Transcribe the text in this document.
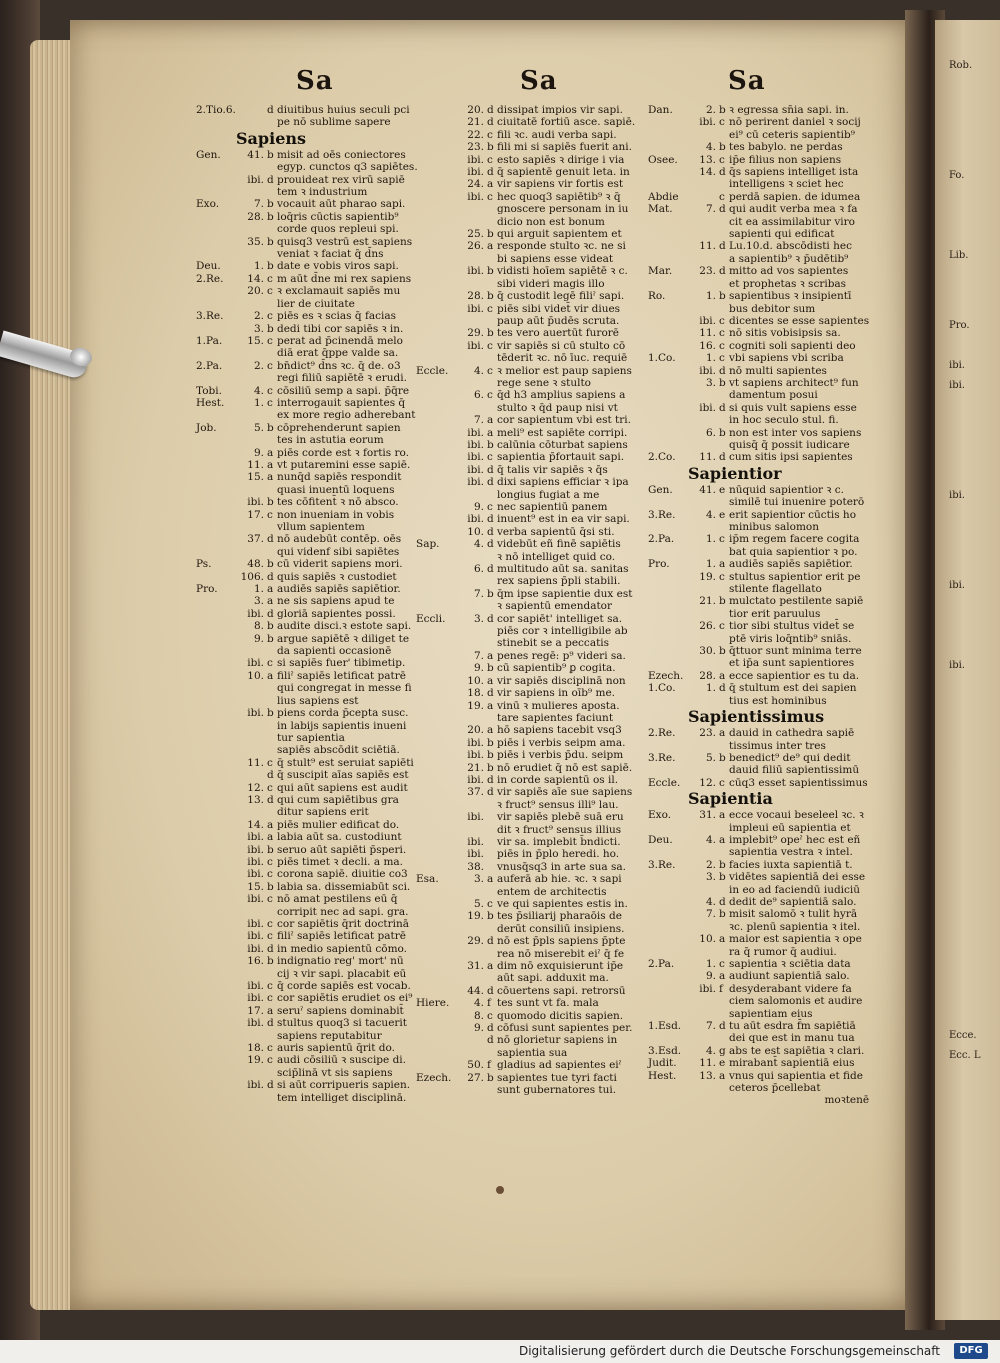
Rob.
Fo.
Lib.
Pro.
ibi.
ibi.
Ecce.
ibi.
ibi.
ibi.
Ecc. L
Sa	Sa	Sa
2.Tio.6.	d diuitibus huius seculi pci
pe nō sublime sapere
Sapiens
Gen.	41. b misit ad oēs coniectores
egyp. cunctos q3 sapiētes.
ibi. d prouideat rex virū sapiē
tem ꝛ industrium
Exo.	7. b vocauit aūt pharao sapi.
28. b loq̄ris cūctis sapientib⁹
corde quos repleui spi.
35. b quisq3 vestrū est sapiens
veniat ꝛ faciat q̄ d̄ns
Deu.	1. b date e vobis viros sapi.
2.Re.	14. c m aūt d̄ne mi rex sapiens
20. c ꝛ exclamauit sapiēs mu
lier de ciuitate
3.Re.	2. c piēs es ꝛ scias q̄ facias
3. b dedi tibi cor sapiēs ꝛ in.
1.Pa.	15. c perat ad p̄cinendā melo
diā erat q̄ppe valde sa.
2.Pa.	2. c bn̄dict⁹ d̄ns ꝛc. q̄ de. o3
regi filiū sapiētē ꝛ erudi.
Tobi.	4. c cōsiliū semp a sapi. p̄q̄re
Hest.	1. c interrogauit sapientes q̄
ex more regio adherebant
Job.	5. b cōprehenderunt sapien
tes in astutia eorum
9. a piēs corde est ꝛ fortis ro.
11. a vt putaremini esse sapiē.
15. a nunq̄d sapiēs respondit
quasi inuentū loquens
ibi. b tes cōfitent̄ ꝛ nō absco.
17. c non inueniam in vobis
vllum sapientem
37. d nō audebūt contēp. oēs
qui videnf sibi sapiētes
Ps.	48. b cū viderit sapiens mori.
106. d quis sapiēs ꝛ custodiet
Pro.	1. a audiēs sapiēs sapiētior.
3. a ne sis sapiens apud te
ibi. d gloriā sapientes possi.
8. b audite disci.ꝛ estote sapi.
9. b argue sapiētē ꝛ diliget te
da sapienti occasionē
ibi. c si sapiēs fuer' tibimetip.
10. a filiˀ sapiēs letificat patrē
qui congregat in messe fi
lius sapiens est
ibi. b piens corda p̄cepta susc.
in labijs sapientis inueni
tur sapientia
sapiēs abscōdit sciētiā.
11. c q̄ stult⁹ est seruiat sapiēti
d q̄ suscipit aīas sapiēs est
12. c qui aūt sapiens est audit
13. d qui cum sapiētibus gra
ditur sapiens erit
14. a piēs mulier edificat do.
ibi. a labia aūt sa. custodiunt
ibi. b seruo aūt sapiēti p̄speri.
ibi. c piēs timet ꝛ decli. a ma.
ibi. c corona sapiē. diuitie co3
15. b labia sa. dissemiabūt sci.
ibi. c nō amat pestilens eū q̄
corripit nec ad sapi. gra.
ibi. c cor sapiētis q̄rit doctrinā
ibi. c filiˀ sapiēs letificat patrē
ibi. d in medio sapientū cōmo.
16. b indignatio reg' mort' nū
cij ꝛ vir sapi. placabit eū
ibi. c q̄ corde sapiēs est vocab.
ibi. c cor sapiētis erudiet os ei⁹
17. a seruˀ sapiens dominabit̄
ibi. d stultus quoq3 si tacuerit
sapiens reputabitur
18. c auris sapientū q̄rit do.
19. c audi cōsiliū ꝛ suscipe di.
scip̄linā vt sis sapiens
ibi. d si aūt corripueris sapien.
tem intelliget disciplinā.
20. d dissipat impios vir sapi.
21. d ciuitatē fortiū asce. sapiē.
22. c fili ꝛc. audi verba sapi.
23. b fili mi si sapiēs fuerit ani.
ibi. c esto sapiēs ꝛ dirige i via
ibi. d q̄ sapientē genuit leta. in
24. a vir sapiens vir fortis est
ibi. c hec quoq3 sapiētib⁹ ꝛ q̄
gnoscere personam in iu
dicio non est bonum
25. b qui arguit sapientem et
26. a responde stulto ꝛc. ne si
bi sapiens esse videat
ibi. b vidisti hoīem sapiētē ꝛ c.
sibi videri magis illo
28. b q̄ custodit legē filiˀ sapi.
ibi. c piēs sibi videt̄ vir diues
paup aūt p̄udēs scruta.
29. b tes vero auertūt furorē
ibi. c vir sapiēs si cū stulto cō
tēderit ꝛc. nō īuc. requiē
Eccle.	4. c ꝛ melior est paup sapiens
rege sene ꝛ stulto
6. c q̄d h3 amplius sapiens a
stulto ꝛ q̄d paup nisi vt
7. a cor sapientum vbi est tri.
ibi. a meli⁹ est sapiēte corripi.
ibi. b calūnia cōturbat sapiens
ibi. c sapientia p̄fortauit sapi.
ibi. d q̄ talis vir sapiēs ꝛ q̄s
ibi. d dixi sapiens efficiar ꝛ ipa
longius fugiat a me
9. c nec sapientiū panem
ibi. d inuent⁹ est in ea vir sapi.
10. d verba sapientū q̄si sti.
Sap.	4. d videbūt eñ finē sapiētis
ꝛ nō intelliget quid co.
6. d multitudo aūt sa. sanitas
rex sapiens p̄pli stabili.
7. b q̄m ipse sapientie dux est
ꝛ sapientū emendator
Eccli.	3. d cor sapiēt' intelliget sa.
piēs cor ꝛ intelligibile ab
stinebit se a peccatis
7. a penes regē: p⁹ videri sa.
9. b cū sapientib⁹ ꝑ cogita.
10. a vir sapiēs disciplinā non
18. d vir sapiens in oīb⁹ me.
19. a vinū ꝛ mulieres aposta.
tare sapientes faciunt
20. a hō sapiens tacebit vsq3
ibi. b piēs i verbis seipm ama.
ibi. b piēs i verbis p̄du. seipm
21. b nō erudiet q̄ nō est sapiē.
ibi. d in corde sapientū os il.
37. d vir sapiēs aīe sue sapiens
ꝛ fruct⁹ sensus illi⁹ lau.
ibi. vir sapiēs plebē suā eru
dit ꝛ fruct⁹ sensus illius
ibi. vir sa. implebit b̄ndicti.
ibi. piēs in p̄plo heredi. ho.
38. vnusq̄sq3 in arte sua sa.
Esa.	3. a auferā ab hie. ꝛc. ꝛ sapi
entem de architectis
5. c ve qui sapientes estis in.
19. b tes p̄siliarij pharaōis de
derūt consiliū insipiens.
29. d nō est p̄pls sapiens p̄pte
rea nō miserebit eiˀ q̄ fe
31. a dim nō exquisierunt ip̄e
aūt sapi. adduxit ma.
44. d cōuertens sapi. retrorsū
Hiere.	4. f tes sunt vt fa. mala
8. c quomodo dicitis sapien.
9. d cōfusi sunt sapientes per.
d nō glorietur sapiens in
sapientia sua
50. f gladius ad sapientes eiˀ
Ezech.	27. b sapientes tue tyri facti
sunt gubernatores tui.
Dan.	2. b ꝛ egressa sn̄ia sapi. in.
ibi. c nō perirent daniel ꝛ socij
ei⁹ cū ceteris sapientib⁹
4. b tes babylo. ne perdas
Osee.	13. c ip̄e filius non sapiens
14. d q̄s sapiens intelliget ista
intelligens ꝛ sciet hec
Abdie	c perdā sapien. de idumea
Mat.	7. d qui audit verba mea ꝛ fa
cit ea assimilabitur viro
sapienti qui edificat
11. d Lu.10.d. abscōdisti hec
a sapientib⁹ ꝛ p̄udētib⁹
Mar.	23. d mitto ad vos sapientes
et prophetas ꝛ scribas
Ro.	1. b sapientibus ꝛ insipientī
bus debitor sum
ibi. c dicentes se esse sapientes
11. c nō sitis vobisipsis sa.
16. c cogniti soli sapienti deo
1.Co.	1. c vbi sapiens vbi scriba
ibi. d nō multi sapientes
3. b vt sapiens architect⁹ fun
damentum posui
ibi. d si quis vult sapiens esse
in hoc seculo stul. fi.
6. b non est inter vos sapiens
quisq̄ q̄ possit iudicare
2.Co.	11. d cum sitis ipsi sapientes
Sapientior
Gen.	41. e nūquid sapientior ꝛ c.
similē tui inuenire poterō
3.Re.	4. e erit sapientior cūctis ho
minibus salomon
2.Pa.	1. c ip̄m regem facere cogita
bat quia sapientior ꝛ po.
Pro.	1. a audiēs sapiēs sapiētior.
19. c stultus sapientior erit pe
stilente flagellato
21. b mulctato pestilente sapiē
tior erit paruulus
26. c tior sibi stultus videt̄ se
ptē viris loq̄ntib⁹ sniās.
30. b q̄ttuor sunt minima terre
et ip̄a sunt sapientiores
Ezech.	28. a ecce sapientior es tu da.
1.Co.	1. d q̄ stultum est dei sapien
tius est hominibus
Sapientissimus
2.Re.	23. a dauid in cathedra sapiē
tissimus inter tres
3.Re.	5. b benedict⁹ de⁹ qui dedit
dauid filiū sapientissimū
Eccle.	12. c cūq3 esset sapientissimus
Sapientia
Exo.	31. a ecce vocaui beseleel ꝛc. ꝛ
impleui eū sapientia et
Deu.	4. a implebit⁹ opeˀ hec est eñ
sapientia vestra ꝛ intel.
3.Re.	2. b facies iuxta sapientiā t.
3. b vidētes sapientiā dei esse
in eo ad faciendū iudiciū
4. d dedit de⁹ sapientiā salo.
7. b misit salomō ꝛ tulit hyrā
ꝛc. plenū sapientia ꝛ itel.
10. a maior est sapientia ꝛ ope
ra q̄ rumor q̄ audiui.
2.Pa.	1. c sapientia ꝛ sciētia data
9. a audiunt sapientiā salo.
ibi. f desyderabant videre fa
ciem salomonis et audire
sapientiam eius
1.Esd.	7. d tu aūt esdra f̄m sapiētiā
dei que est in manu tua
3.Esd.	4. g abs te est sapiētia ꝛ clari.
Judit.	11. e mirabant̄ sapientiā eius
Hest.	13. a vnus qui sapientia et fide
ceteros p̄cellebat
moꝛtenē
Digitalisierung gefördert durch die Deutsche Forschungsgemeinschaft	DFG
